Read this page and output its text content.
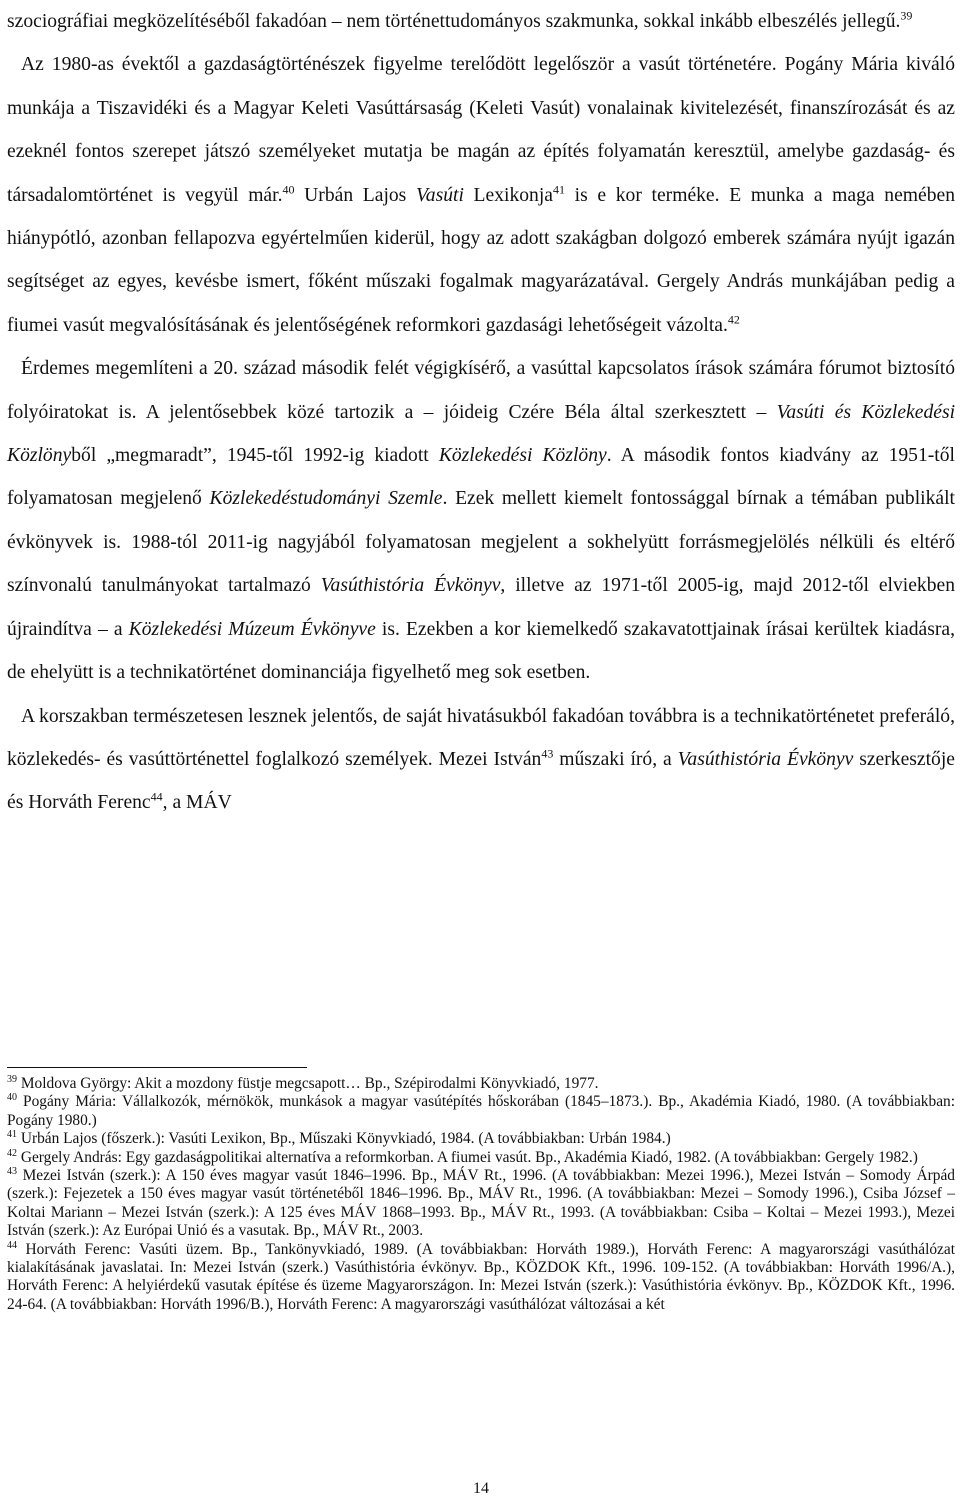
szociográfiai megközelítéséből fakadóan – nem történettudományos szakmunka, sokkal inkább elbeszélés jellegű.$^{39}$

Az 1980-as évektől a gazdaságtörténészek figyelme terelődött legelőször a vasút történetére. Pogány Mária kiváló munkája a Tiszavidéki és a Magyar Keleti Vasúttársaság (Keleti Vasút) vonalainak kivitelezését, finanszírozását és az ezeknél fontos szerepet játszó személyeket mutatja be magán az építés folyamatán keresztül, amelybe gazdaság- és társadalomtörténet is vegyül már.$^{40}$ Urbán Lajos Vasúti Lexikonja$^{41}$ is e kor terméke. E munka a maga nemében hiánypótló, azonban fellapozva egyértelműen kiderül, hogy az adott szakágban dolgozó emberek számára nyújt igazán segítséget az egyes, kevésbe ismert, főként műszaki fogalmak magyarázatával. Gergely András munkájában pedig a fiumei vasút megvalósításának és jelentőségének reformkori gazdasági lehetőségeit vázolta.$^{42}$

Érdemes megemlíteni a 20. század második felét végigkísérő, a vasúttal kapcsolatos írások számára fórumot biztosító folyóiratokat is. A jelentősebbek közé tartozik a – jóideig Czére Béla által szerkesztett – Vasúti és Közlekedési Közlönyből „megmaradt”, 1945-től 1992-ig kiadott Közlekedési Közlöny. A második fontos kiadvány az 1951-től folyamatosan megjelenő Közlekedéstudományi Szemle. Ezek mellett kiemelt fontossággal bírnak a témában publikált évkönyvek is. 1988-tól 2011-ig nagyjából folyamatosan megjelent a sokhelyütt forrásmegjelölés nélküli és eltérő színvonalú tanulmányokat tartalmazó Vasúthistória Évkönyv, illetve az 1971-től 2005-ig, majd 2012-től elviekben újraindítva – a Közlekedési Múzeum Évkönyve is. Ezekben a kor kiemelkedő szakavatottjainak írásai kerültek kiadásra, de ehelyütt is a technikatörténet dominanciája figyelhető meg sok esetben.

A korszakban természetesen lesznek jelentős, de saját hivatásukból fakadóan továbbra is a technikatörténetet preferáló, közlekedés- és vasúttörténettel foglalkozó személyek. Mezei István$^{43}$ műszaki író, a Vasúthistória Évkönyv szerkesztője és Horváth Ferenc$^{44}$, a MÁV

$^{39}$ Moldova György: Akit a mozdony füstje megcsapott… Bp., Szépirodalmi Könyvkiadó, 1977.

$^{40}$ Pogány Mária: Vállalkozók, mérnökök, munkások a magyar vasútépítés hőskorában (1845–1873.). Bp., Akadémia Kiadó, 1980. (A továbbiakban: Pogány 1980.)

$^{41}$ Urbán Lajos (főszerk.): Vasúti Lexikon, Bp., Műszaki Könyvkiadó, 1984. (A továbbiakban: Urbán 1984.)

$^{42}$ Gergely András: Egy gazdaságpolitikai alternatíva a reformkorban. A fiumei vasút. Bp., Akadémia Kiadó, 1982. (A továbbiakban: Gergely 1982.)

$^{43}$ Mezei István (szerk.): A 150 éves magyar vasút 1846–1996. Bp., MÁV Rt., 1996. (A továbbiakban: Mezei 1996.), Mezei István – Somody Árpád (szerk.): Fejezetek a 150 éves magyar vasút történetéből 1846–1996. Bp., MÁV Rt., 1996. (A továbbiakban: Mezei – Somody 1996.), Csiba József – Koltai Mariann – Mezei István (szerk.): A 125 éves MÁV 1868–1993. Bp., MÁV Rt., 1993. (A továbbiakban: Csiba – Koltai – Mezei 1993.), Mezei István (szerk.): Az Európai Unió és a vasutak. Bp., MÁV Rt., 2003.

$^{44}$ Horváth Ferenc: Vasúti üzem. Bp., Tankönyvkiadó, 1989. (A továbbiakban: Horváth 1989.), Horváth Ferenc: A magyarországi vasúthálózat kialakításának javaslatai. In: Mezei István (szerk.) Vasúthistória évkönyv. Bp., KÖZDOK Kft., 1996. 109-152. (A továbbiakban: Horváth 1996/A.), Horváth Ferenc: A helyiérdekű vasutak építése és üzeme Magyarországon. In: Mezei István (szerk.): Vasúthistória évkönyv. Bp., KÖZDOK Kft., 1996. 24-64. (A továbbiakban: Horváth 1996/B.), Horváth Ferenc: A magyarországi vasúthálózat változásai a két

14
